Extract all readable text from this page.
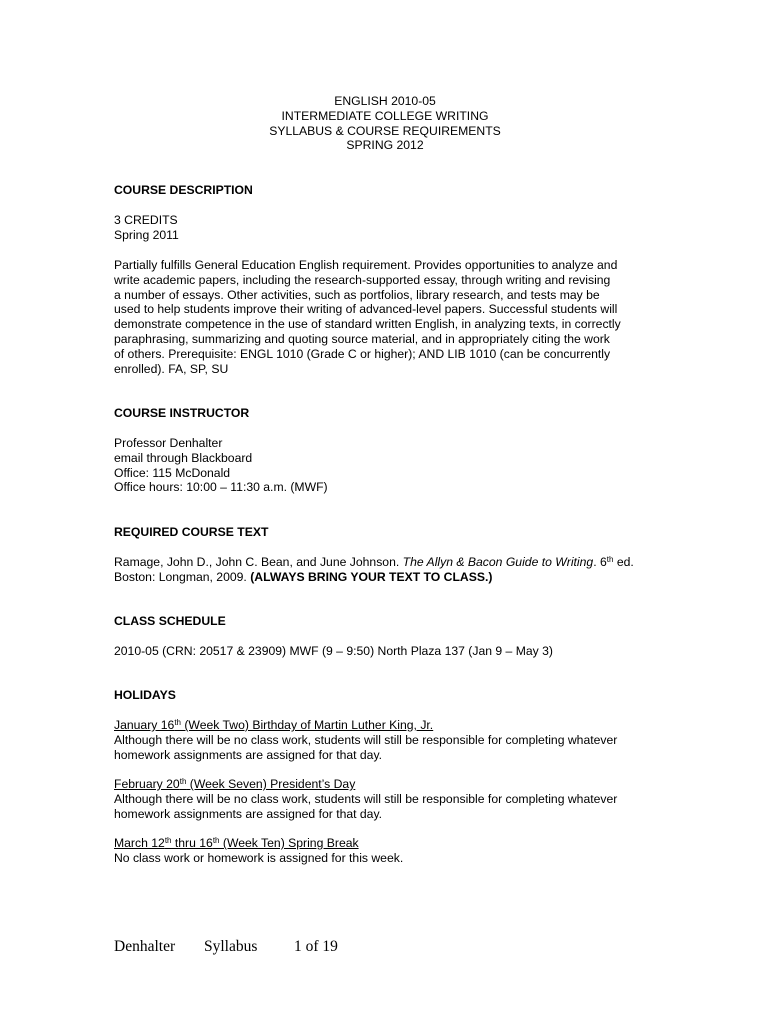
ENGLISH 2010-05
INTERMEDIATE COLLEGE WRITING
SYLLABUS & COURSE REQUIREMENTS
SPRING 2012
COURSE DESCRIPTION
3 CREDITS
Spring 2011
Partially fulfills General Education English requirement. Provides opportunities to analyze and
write academic papers, including the research-supported essay, through writing and revising
a number of essays. Other activities, such as portfolios, library research, and tests may be
used to help students improve their writing of advanced-level papers. Successful students will
demonstrate competence in the use of standard written English, in analyzing texts, in correctly
paraphrasing, summarizing and quoting source material, and in appropriately citing the work
of others. Prerequisite: ENGL 1010 (Grade C or higher); AND LIB 1010 (can be concurrently
enrolled). FA, SP, SU
COURSE INSTRUCTOR
Professor Denhalter
email through Blackboard
Office: 115 McDonald
Office hours: 10:00 – 11:30 a.m. (MWF)
REQUIRED COURSE TEXT
Ramage, John D., John C. Bean, and June Johnson. The Allyn & Bacon Guide to Writing. 6th ed.
Boston: Longman, 2009. (ALWAYS BRING YOUR TEXT TO CLASS.)
CLASS SCHEDULE
2010-05 (CRN: 20517 & 23909) MWF (9 – 9:50) North Plaza 137 (Jan 9 – May 3)
HOLIDAYS
January 16th (Week Two) Birthday of Martin Luther King, Jr.
Although there will be no class work, students will still be responsible for completing whatever
homework assignments are assigned for that day.
February 20th (Week Seven) President’s Day
Although there will be no class work, students will still be responsible for completing whatever
homework assignments are assigned for that day.
March 12th thru 16th (Week Ten) Spring Break
No class work or homework is assigned for this week.
Denhalter Syllabus 1 of 19
